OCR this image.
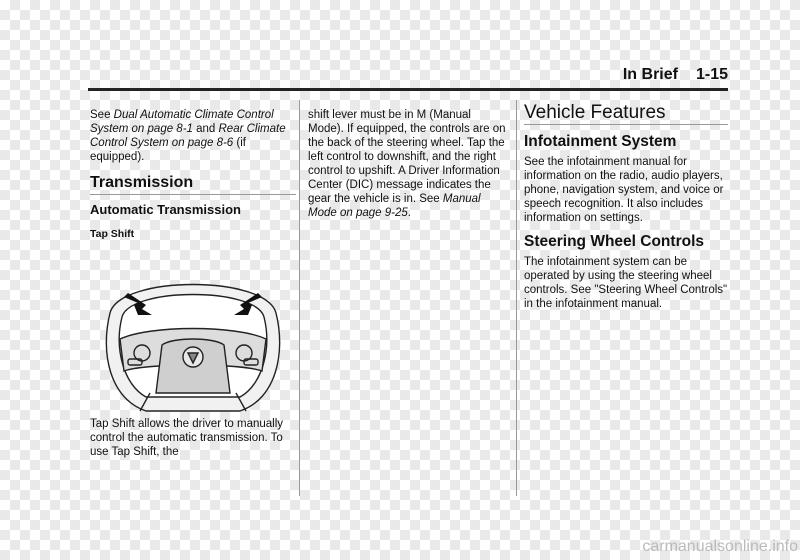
In Brief 1-15

See Dual Automatic Climate Control System on page 8-1 and Rear Climate Control System on page 8-6 (if equipped).

Transmission

Automatic Transmission

Tap Shift

Tap Shift allows the driver to manually control the automatic transmission. To use Tap Shift, the

shift lever must be in M (Manual Mode). If equipped, the controls are on the back of the steering wheel. Tap the left control to downshift, and the right control to upshift. A Driver Information Center (DIC) message indicates the gear the vehicle is in. See Manual Mode on page 9-25.

Vehicle Features

Infotainment System

See the infotainment manual for information on the radio, audio players, phone, navigation system, and voice or speech recognition. It also includes information on settings.

Steering Wheel Controls

The infotainment system can be operated by using the steering wheel controls. See "Steering Wheel Controls" in the infotainment manual.

carmanualsonline.info
